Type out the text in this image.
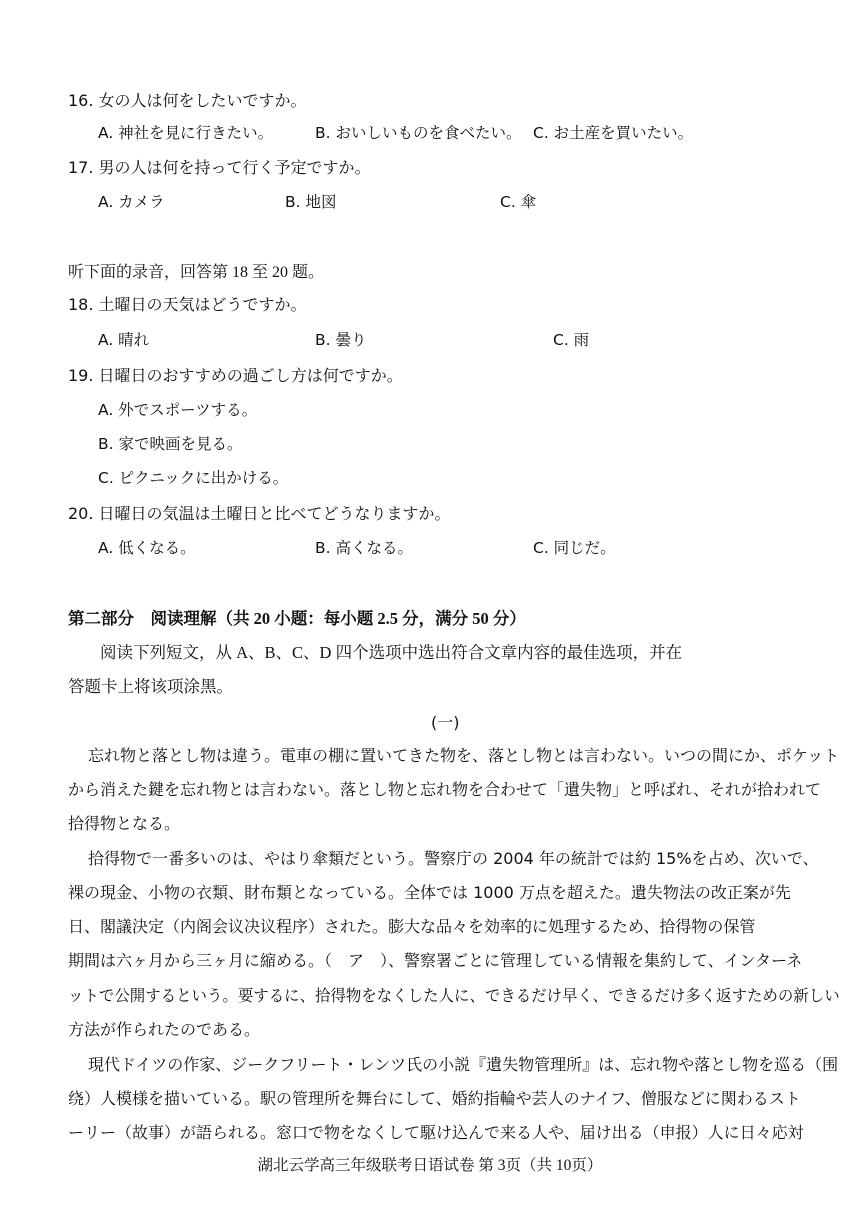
16. 女の人は何をしたいですか。
A. 神社を見に行きたい。	B. おいしいものを食べたい。 C. お土産を買いたい。
17. 男の人は何を持って行く予定ですか。
A. カメラ	B. 地図	C. 傘
听下面的录音，回答第 18 至 20 题。
18. 土曜日の天気はどうですか。
A. 晴れ	B. 曇り	C. 雨
19. 日曜日のおすすめの過ごし方は何ですか。
A. 外でスポーツする。
B. 家で映画を見る。
C. ピクニックに出かける。
20. 日曜日の気温は土曜日と比べてどうなりますか。
A. 低くなる。	B. 高くなる。	C. 同じだ。
第二部分　阅读理解（共 20 小题：每小题 2.5 分，满分 50 分）
阅读下列短文，从 A、B、C、D 四个选项中选出符合文章内容的最佳选项，并在
答题卡上将该项涂黑。
(一)
忘れ物と落とし物は違う。電車の棚に置いてきた物を、落とし物とは言わない。いつの間にか、ポケット
から消えた鍵を忘れ物とは言わない。落とし物と忘れ物を合わせて「遺失物」と呼ばれ、それが拾われて
拾得物となる。
拾得物で一番多いのは、やはり傘類だという。警察庁の 2004 年の統計では約 15%を占め、次いで、
裸の現金、小物の衣類、財布類となっている。全体では 1000 万点を超えた。遺失物法の改正案が先
日、閣議決定（内阁会议决议程序）された。膨大な品々を効率的に処理するため、拾得物の保管
期間は六ヶ月から三ヶ月に縮める。（　ア　）、警察署ごとに管理している情報を集約して、インターネ
ットで公開するという。要するに、拾得物をなくした人に、できるだけ早く、できるだけ多く返すための新しい
方法が作られたのである。
現代ドイツの作家、ジークフリート・レンツ氏の小説『遺失物管理所』は、忘れ物や落とし物を巡る（围
绕）人模様を描いている。駅の管理所を舞台にして、婚約指輪や芸人のナイフ、僧服などに関わるスト
ーリー（故事）が語られる。窓口で物をなくして駆け込んで来る人や、届け出る（申报）人に日々応対
湖北云学高三年级联考日语试卷 第 3页（共 10页）
